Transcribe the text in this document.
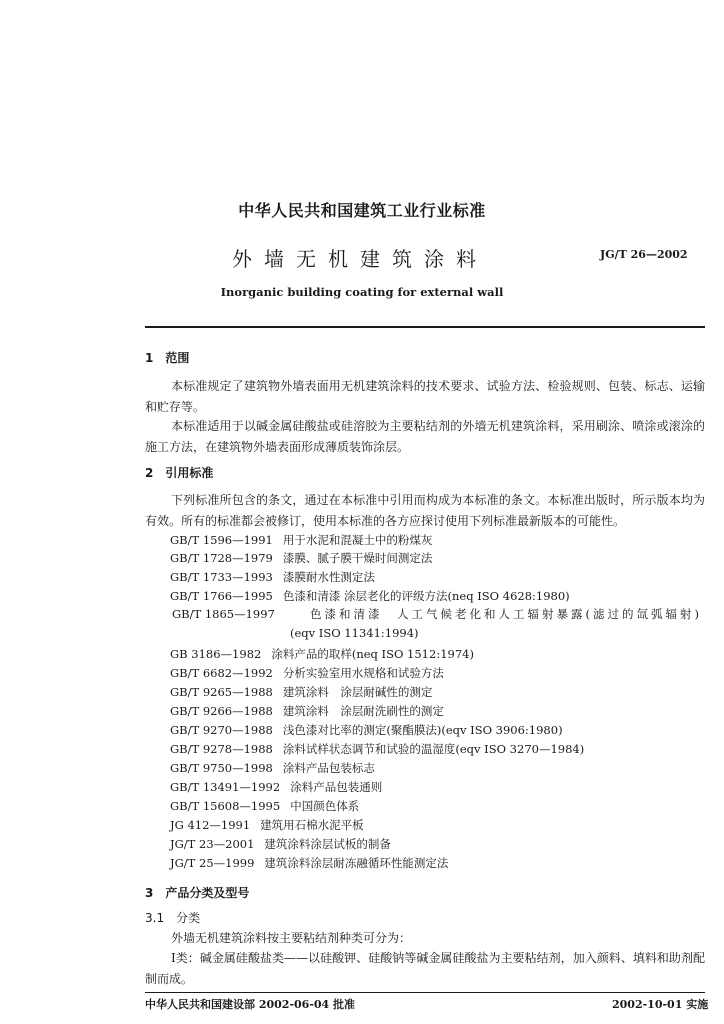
中华人民共和国建筑工业行业标准
外墙无机建筑涂料	JG/T 26—2002
Inorganic building coating for external wall
1　范围
本标准规定了建筑物外墙表面用无机建筑涂料的技术要求、试验方法、检验规则、包装、标志、运输和贮存等。
本标准适用于以碱金属硅酸盐或硅溶胶为主要粘结剂的外墙无机建筑涂料，采用刷涂、喷涂或滚涂的施工方法，在建筑物外墙表面形成薄质装饰涂层。
2　引用标准
下列标准所包含的条文，通过在本标准中引用而构成为本标准的条文。本标准出版时，所示版本均为有效。所有的标准都会被修订，使用本标准的各方应探讨使用下列标准最新版本的可能性。
GB/T 1596—1991 用于水泥和混凝土中的粉煤灰
GB/T 1728—1979 漆膜、腻子膜干燥时间测定法
GB/T 1733—1993 漆膜耐水性测定法
GB/T 1766—1995 色漆和清漆 涂层老化的评级方法(neq ISO 4628:1980)
GB/T 1865—1997	色漆和清漆　人工气候老化和人工辐射暴露(滤过的氙弧辐射)
(eqv ISO 11341:1994)
GB 3186—1982 涂料产品的取样(neq ISO 1512:1974)
GB/T 6682—1992 分析实验室用水规格和试验方法
GB/T 9265—1988 建筑涂料　涂层耐碱性的测定
GB/T 9266—1988 建筑涂料　涂层耐洗刷性的测定
GB/T 9270—1988 浅色漆对比率的测定(聚酯膜法)(eqv ISO 3906:1980)
GB/T 9278—1988 涂料试样状态调节和试验的温湿度(eqv ISO 3270—1984)
GB/T 9750—1998 涂料产品包装标志
GB/T 13491—1992 涂料产品包装通则
GB/T 15608—1995 中国颜色体系
JG 412—1991 建筑用石棉水泥平板
JG/T 23—2001 建筑涂料涂层试板的制备
JG/T 25—1999 建筑涂料涂层耐冻融循环性能测定法
3　产品分类及型号
3.1　分类
外墙无机建筑涂料按主要粘结剂种类可分为：
Ⅰ类：碱金属硅酸盐类——以硅酸钾、硅酸钠等碱金属硅酸盐为主要粘结剂，加入颜料、填料和助剂配制而成。
中华人民共和国建设部 2002-06-04 批准	2002-10-01 实施
